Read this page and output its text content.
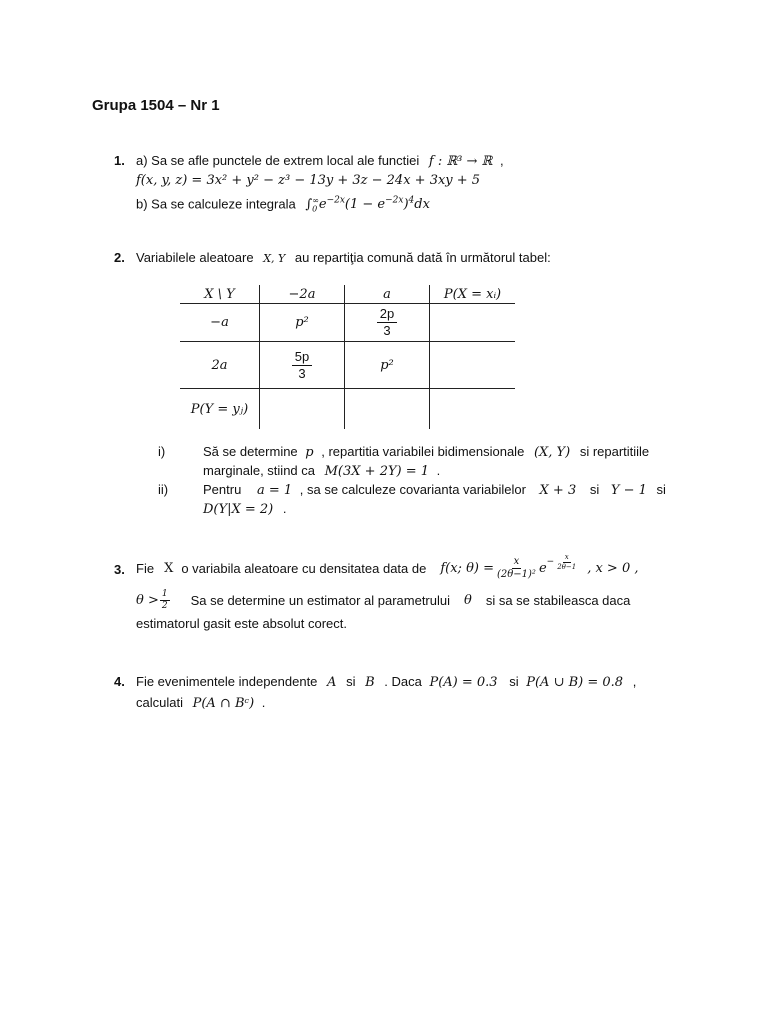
Grupa 1504 – Nr 1
1. a) Sa se afle punctele de extrem local ale functiei f : ℝ³ → ℝ ,
f(x, y, z) = 3x² + y² − z³ − 13y + 3z − 24x + 3xy + 5
b) Sa se calculeze integrala $\int_0^\infty e^{-2x}(1 - e^{-2x})^4dx$
2. Variabilele aleatoare X, Y au repartiţia comună dată în următorul tabel:
X \ Y	−2a	a	P(X = xᵢ)
−a	p²	$\frac{2p}{3}$

2a	$\frac{5p}{3}$	p²	
P(Y = yⱼ)			
i)	Să se determine p , repartitia variabilei bidimensionale (X, Y) si repartitiile
marginale, stiind ca M(3X + 2Y) = 1 .
ii)	Pentru a = 1 , sa se calculeze covarianta variabilelor X + 3 si Y − 1 si
D(Y|X = 2) .
3. Fie X o variabila aleatoare cu densitatea data de f(x; $\theta) = \frac{x}{\text{(2θ−1)²}}$ $e - \frac{x}{2\theta-1}$ , x > 0 ,
$\theta > \frac{1}{2}$ Sa se determine un estimator al parametrului θ si sa se stabileasca daca
estimatorul gasit este absolut corect.
4. Fie evenimentele independente A si B . Daca P(A) = 0.3 si P(A ∪ B) = 0.8 ,
calculati P(A ∩ Bᶜ) .
